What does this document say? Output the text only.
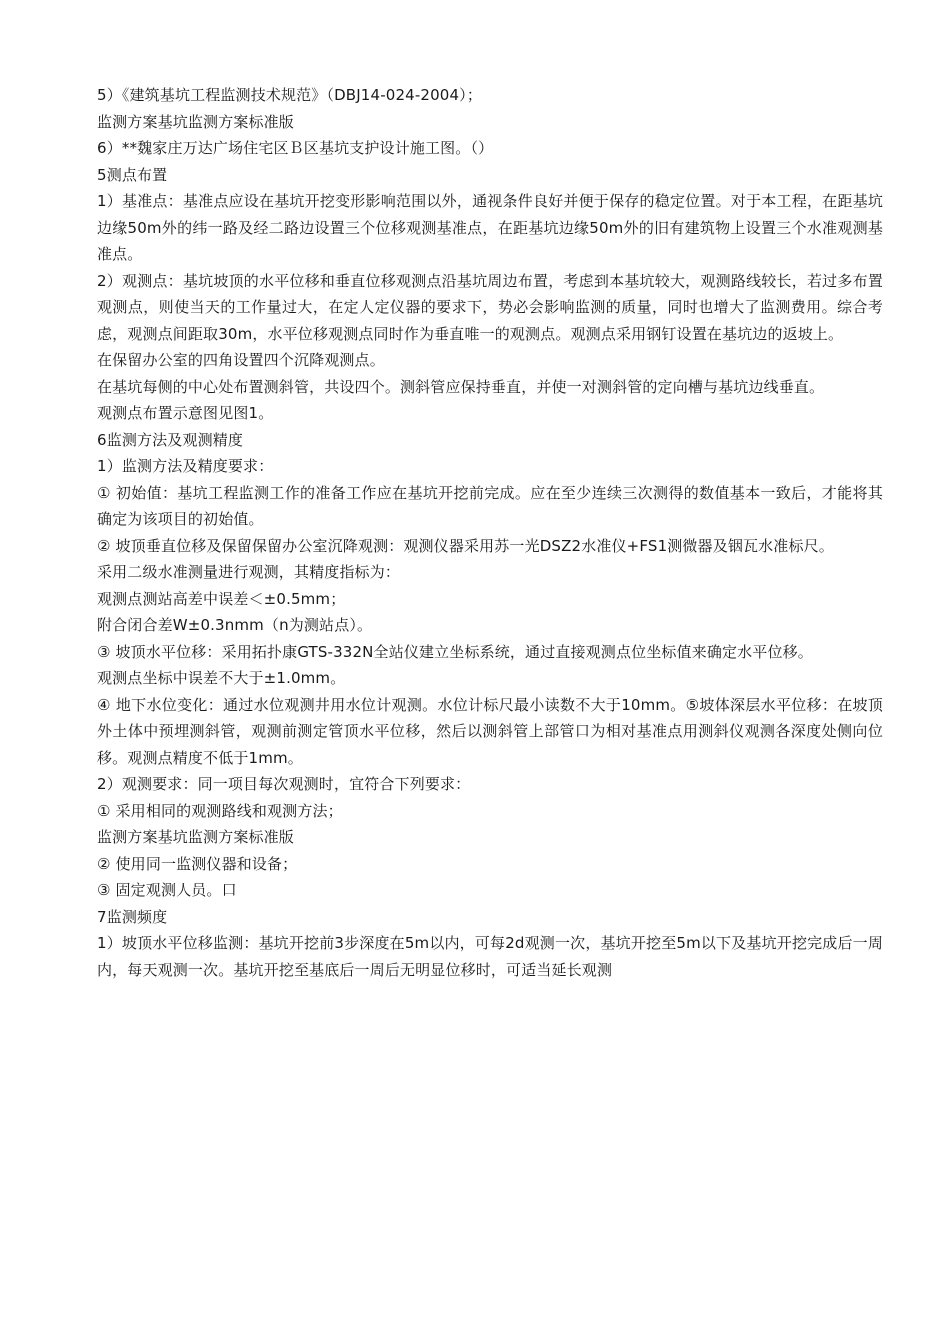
5）《建筑基坑工程监测技术规范》（DBJ14-024-2004）；

监测方案基坑监测方案标准版

6）**魏家庄万达广场住宅区Ｂ区基坑支护设计施工图。（）

5测点布置

1）基准点：基准点应设在基坑开挖变形影响范围以外，通视条件良好并便于保存的稳定位置。对于本工程，在距基坑边缘50m外的纬一路及经二路边设置三个位移观测基准点，在距基坑边缘50m外的旧有建筑物上设置三个水准观测基准点。

2）观测点：基坑坡顶的水平位移和垂直位移观测点沿基坑周边布置，考虑到本基坑较大，观测路线较长，若过多布置观测点，则使当天的工作量过大，在定人定仪器的要求下，势必会影响监测的质量，同时也增大了监测费用。综合考虑，观测点间距取30m，水平位移观测点同时作为垂直唯一的观测点。观测点采用钢钉设置在基坑边的返坡上。

在保留办公室的四角设置四个沉降观测点。

在基坑每侧的中心处布置测斜管，共设四个。测斜管应保持垂直，并使一对测斜管的定向槽与基坑边线垂直。

观测点布置示意图见图1。

6监测方法及观测精度

1）监测方法及精度要求：

① 初始值：基坑工程监测工作的准备工作应在基坑开挖前完成。应在至少连续三次测得的数值基本一致后，才能将其确定为该项目的初始值。

② 坡顶垂直位移及保留保留办公室沉降观测：观测仪器采用苏一光DSZ2水准仪+FS1测微器及铟瓦水准标尺。

采用二级水准测量进行观测，其精度指标为：

观测点测站高差中误差＜±0.5mm；

附合闭合差W±0.3nmm（n为测站点）。

③ 坡顶水平位移：采用拓扑康GTS-332N全站仪建立坐标系统，通过直接观测点位坐标值来确定水平位移。

观测点坐标中误差不大于±1.0mm。

④ 地下水位变化：通过水位观测井用水位计观测。水位计标尺最小读数不大于10mm。⑤坡体深层水平位移：在坡顶外土体中预埋测斜管，观测前测定管顶水平位移，然后以测斜管上部管口为相对基准点用测斜仪观测各深度处侧向位移。观测点精度不低于1mm。

2）观测要求：同一项目每次观测时，宜符合下列要求：

① 采用相同的观测路线和观测方法；

监测方案基坑监测方案标准版

② 使用同一监测仪器和设备；

③ 固定观测人员。口

7监测频度

1）坡顶水平位移监测：基坑开挖前3步深度在5m以内，可每2d观测一次，基坑开挖至5m以下及基坑开挖完成后一周内，每天观测一次。基坑开挖至基底后一周后无明显位移时，可适当延长观测
